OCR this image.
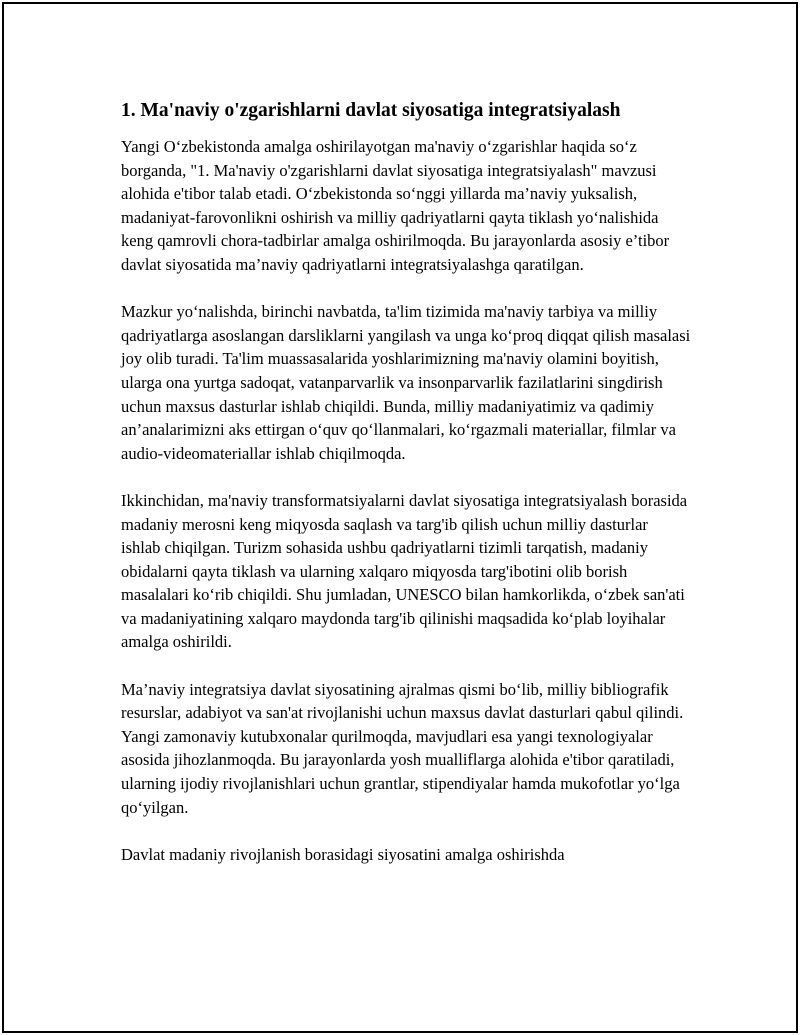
1. Ma'naviy o'zgarishlarni davlat siyosatiga integratsiyalash

Yangi O‘zbekistonda amalga oshirilayotgan ma'naviy o‘zgarishlar haqida so‘z borganda, "1. Ma'naviy o'zgarishlarni davlat siyosatiga integratsiyalash" mavzusi alohida e'tibor talab etadi. O‘zbekistonda so‘nggi yillarda ma’naviy yuksalish, madaniyat-farovonlikni oshirish va milliy qadriyatlarni qayta tiklash yo‘nalishida keng qamrovli chora-tadbirlar amalga oshirilmoqda. Bu jarayonlarda asosiy e’tibor davlat siyosatida ma’naviy qadriyatlarni integratsiyalashga qaratilgan.

Mazkur yo‘nalishda, birinchi navbatda, ta'lim tizimida ma'naviy tarbiya va milliy qadriyatlarga asoslangan darsliklarni yangilash va unga ko‘proq diqqat qilish masalasi joy olib turadi. Ta'lim muassasalarida yoshlarimizning ma'naviy olamini boyitish, ularga ona yurtga sadoqat, vatanparvarlik va insonparvarlik fazilatlarini singdirish uchun maxsus dasturlar ishlab chiqildi. Bunda, milliy madaniyatimiz va qadimiy an’analarimizni aks ettirgan o‘quv qo‘llanmalari, ko‘rgazmali materiallar, filmlar va audio-videomateriallar ishlab chiqilmoqda.

Ikkinchidan, ma'naviy transformatsiyalarni davlat siyosatiga integratsiyalash borasida madaniy merosni keng miqyosda saqlash va targ'ib qilish uchun milliy dasturlar ishlab chiqilgan. Turizm sohasida ushbu qadriyatlarni tizimli tarqatish, madaniy obidalarni qayta tiklash va ularning xalqaro miqyosda targ'ibotini olib borish masalalari ko‘rib chiqildi. Shu jumladan, UNESCO bilan hamkorlikda, o‘zbek san'ati va madaniyatining xalqaro maydonda targ'ib qilinishi maqsadida ko‘plab loyihalar amalga oshirildi.

Ma’naviy integratsiya davlat siyosatining ajralmas qismi bo‘lib, milliy bibliografik resurslar, adabiyot va san'at rivojlanishi uchun maxsus davlat dasturlari qabul qilindi. Yangi zamonaviy kutubxonalar qurilmoqda, mavjudlari esa yangi texnologiyalar asosida jihozlanmoqda. Bu jarayonlarda yosh mualliflarga alohida e'tibor qaratiladi, ularning ijodiy rivojlanishlari uchun grantlar, stipendiyalar hamda mukofotlar yo‘lga qo‘yilgan.

Davlat madaniy rivojlanish borasidagi siyosatini amalga oshirishda
